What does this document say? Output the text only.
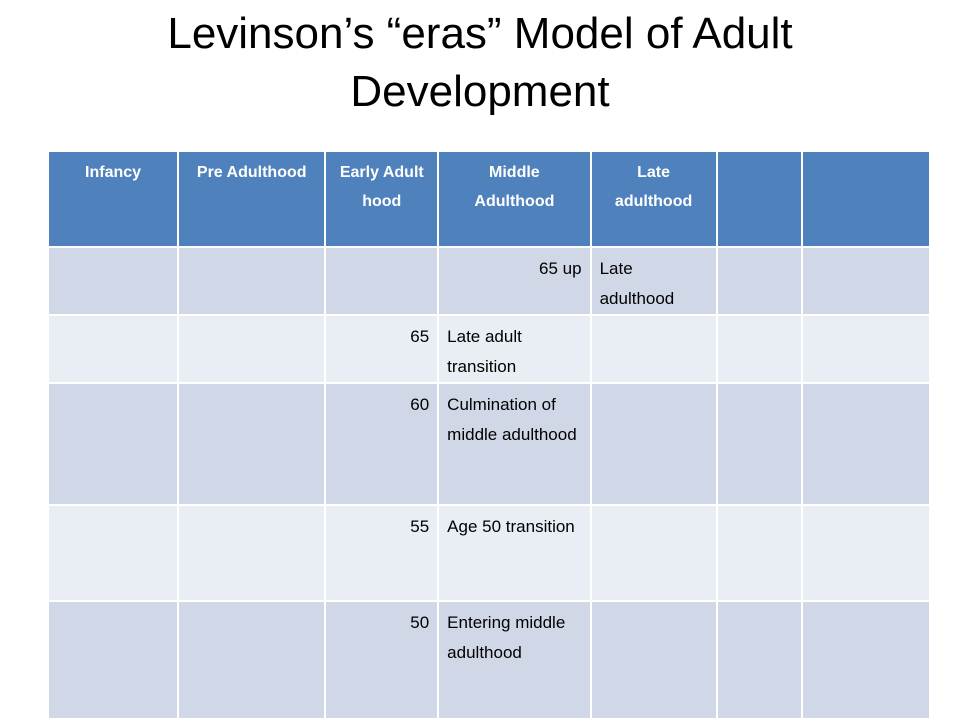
Levinson’s “eras” Model of Adult
Development
Infancy	Pre Adulthood	Early Adult hood	Middle Adulthood	Late adulthood		
			65 up	Late adulthood		
		65	Late adult transition			
		60	Culmination of middle adulthood			
		55	Age 50 transition			
		50	Entering middle adulthood			
